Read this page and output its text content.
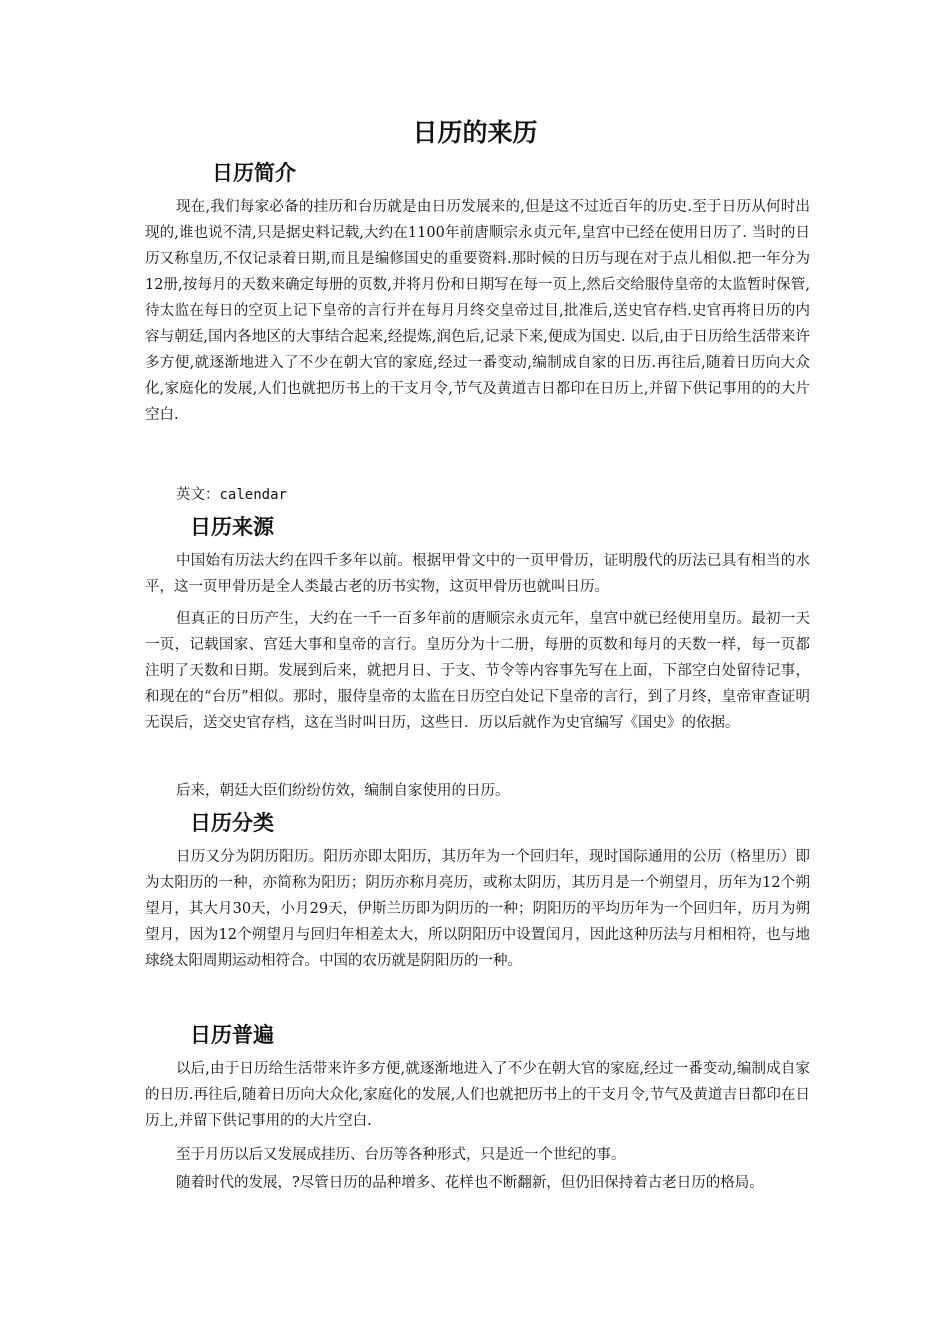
日历的来历
日历简介

现在,我们每家必备的挂历和台历就是由日历发展来的,但是这不过近百年的历史.至于日历从何时出现的,谁也说不清,只是据史料记载,大约在1100年前唐顺宗永贞元年,皇宫中已经在使用日历了. 当时的日历又称皇历,不仅记录着日期,而且是编修国史的重要资料.那时候的日历与现在对于点儿相似.把一年分为12册,按每月的天数来确定每册的页数,并将月份和日期写在每一页上,然后交给服侍皇帝的太监暂时保管,待太监在每日的空页上记下皇帝的言行并在每月月终交皇帝过目,批准后,送史官存档.史官再将日历的内容与朝廷,国内各地区的大事结合起来,经提炼,润色后,记录下来,便成为国史. 以后,由于日历给生活带来许多方便,就逐渐地进入了不少在朝大官的家庭,经过一番变动,编制成自家的日历.再往后,随着日历向大众化,家庭化的发展,人们也就把历书上的干支月令,节气及黄道吉日都印在日历上,并留下供记事用的的大片空白.

英文：calendar

日历来源

中国始有历法大约在四千多年以前。根据甲骨文中的一页甲骨历，证明殷代的历法已具有相当的水平，这一页甲骨历是全人类最古老的历书实物，这页甲骨历也就叫日历。

但真正的日历产生，大约在一千一百多年前的唐顺宗永贞元年，皇宫中就已经使用皇历。最初一天一页，记载国家、宫廷大事和皇帝的言行。皇历分为十二册，每册的页数和每月的天数一样，每一页都注明了天数和日期。发展到后来，就把月日、于支、节令等内容事先写在上面，下部空白处留待记事，和现在的“台历”相似。那时，服侍皇帝的太监在日历空白处记下皇帝的言行，到了月终，皇帝审查证明无误后，送交史官存档，这在当时叫日历，这些日．历以后就作为史官编写《国史》的依据。

后来，朝廷大臣们纷纷仿效，编制自家使用的日历。

日历分类

日历又分为阴历阳历。阳历亦即太阳历，其历年为一个回归年，现时国际通用的公历（格里历）即为太阳历的一种，亦简称为阳历；阴历亦称月亮历，或称太阴历，其历月是一个朔望月，历年为12个朔望月，其大月30天，小月29天，伊斯兰历即为阴历的一种；阴阳历的平均历年为一个回归年，历月为朔望月，因为12个朔望月与回归年相差太大，所以阴阳历中设置闰月，因此这种历法与月相相符，也与地球绕太阳周期运动相符合。中国的农历就是阴阳历的一种。

日历普遍

以后,由于日历给生活带来许多方便,就逐渐地进入了不少在朝大官的家庭,经过一番变动,编制成自家的日历.再往后,随着日历向大众化,家庭化的发展,人们也就把历书上的干支月令,节气及黄道吉日都印在日历上,并留下供记事用的的大片空白.

至于月历以后又发展成挂历、台历等各种形式，只是近一个世纪的事。

随着时代的发展，?尽管日历的品种增多、花样也不断翻新，但仍旧保持着古老日历的格局。
